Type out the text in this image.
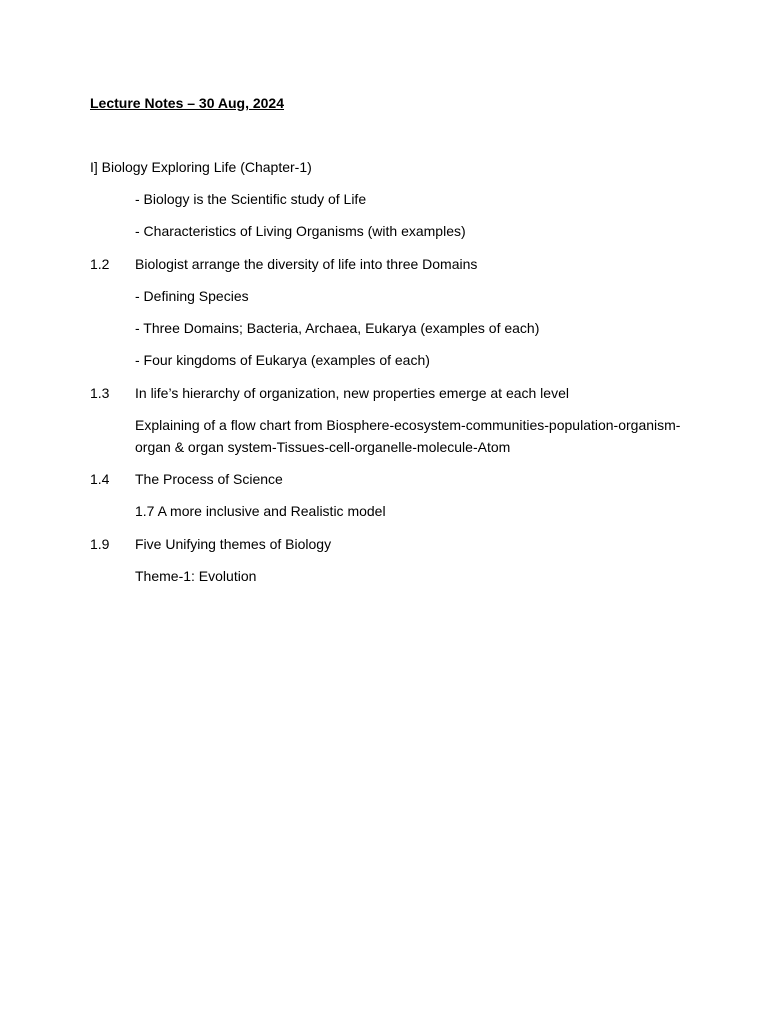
Lecture Notes – 30 Aug, 2024
I] Biology Exploring Life (Chapter-1)
- Biology is the Scientific study of Life
- Characteristics of Living Organisms (with examples)
1.2 Biologist arrange the diversity of life into three Domains
- Defining Species
- Three Domains; Bacteria, Archaea, Eukarya (examples of each)
- Four kingdoms of Eukarya (examples of each)
1.3 In life’s hierarchy of organization, new properties emerge at each level
Explaining of a flow chart from Biosphere-ecosystem-communities-population-organism-organ & organ system-Tissues-cell-organelle-molecule-Atom
1.4 The Process of Science
1.7 A more inclusive and Realistic model
1.9 Five Unifying themes of Biology
Theme-1: Evolution
